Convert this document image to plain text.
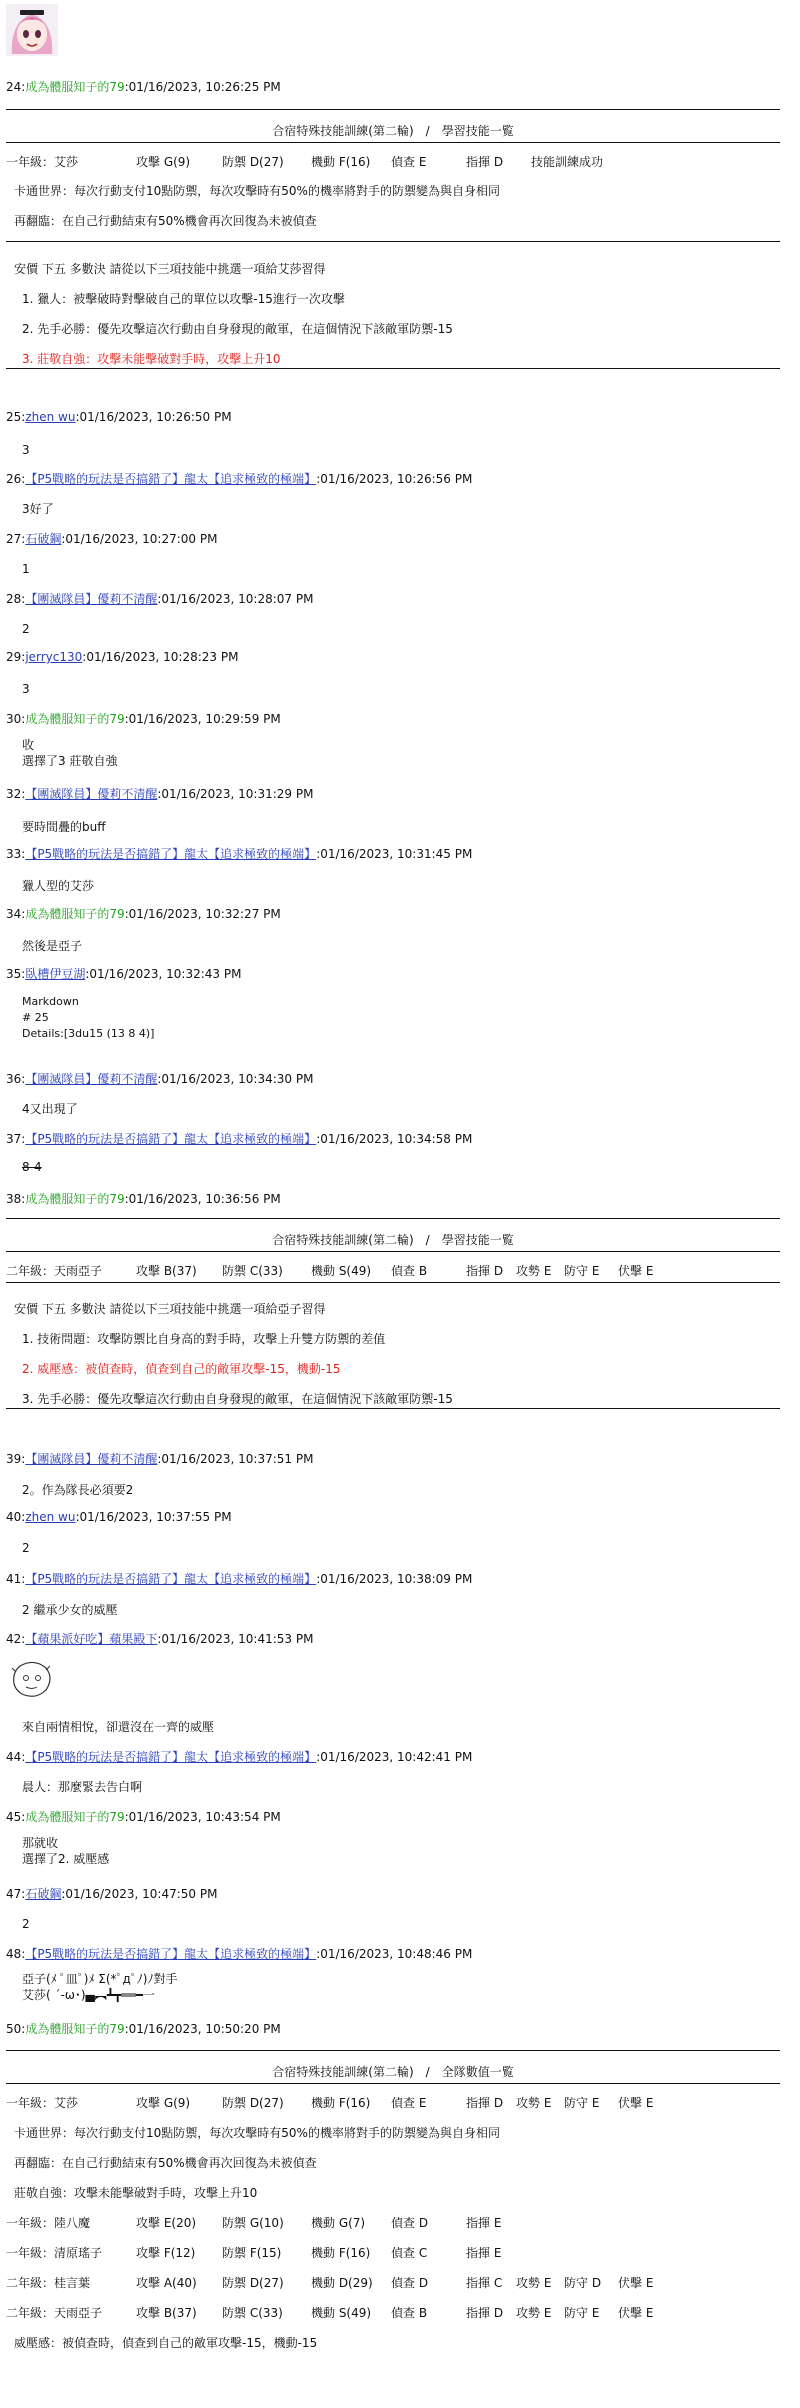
24:成為體服知子的79:01/16/2023, 10:26:25 PM
合宿特殊技能訓練(第二輪)　/　學習技能一覧
一年級：艾莎	攻擊 G(9)	防禦 D(27) 機動 F(16) 偵查 E	指揮 D 技能訓練成功
卡通世界：每次行動支付10點防禦，每次攻擊時有50%的機率將對手的防禦變為與自身相同
再翻臨：在自己行動結束有50%機會再次回復為未被偵查
安價 下五 多數決 請從以下三項技能中挑選一項給艾莎習得
1. 獵人：被擊破時對擊破自己的單位以攻擊-15進行一次攻擊
2. 先手必勝：優先攻擊這次行動由自身發現的敵軍，在這個情況下該敵軍防禦-15
3. 莊敬自強：攻擊未能擊破對手時，攻擊上升10
25:zhen wu:01/16/2023, 10:26:50 PM
3
26:【P5戰略的玩法是否搞錯了】龍太【追求極致的極端】:01/16/2023, 10:26:56 PM
3好了
27:石破鋼:01/16/2023, 10:27:00 PM
1
28:【團滅隊員】優莉不清醒:01/16/2023, 10:28:07 PM
2
29:jerryc130:01/16/2023, 10:28:23 PM
3
30:成為體服知子的79:01/16/2023, 10:29:59 PM
收
選擇了3 莊敬自強
32:【團滅隊員】優莉不清醒:01/16/2023, 10:31:29 PM
要時間疊的buff
33:【P5戰略的玩法是否搞錯了】龍太【追求極致的極端】:01/16/2023, 10:31:45 PM
獵人型的艾莎
34:成為體服知子的79:01/16/2023, 10:32:27 PM
然後是亞子
35:臥槽伊豆湖:01/16/2023, 10:32:43 PM
Markdown
# 25
Details:[3du15 (13 8 4)]
36:【團滅隊員】優莉不清醒:01/16/2023, 10:34:30 PM
4又出現了
37:【P5戰略的玩法是否搞錯了】龍太【追求極致的極端】:01/16/2023, 10:34:58 PM
8-4
38:成為體服知子的79:01/16/2023, 10:36:56 PM
合宿特殊技能訓練(第二輪)　/　學習技能一覧
二年級：天雨亞子	攻擊 B(37) 防禦 C(33) 機動 S(49) 偵查 B	指揮 D 攻勢 E 防守 E 伏擊 E
安價 下五 多數決 請從以下三項技能中挑選一項給亞子習得
1. 技術問題：攻擊防禦比自身高的對手時，攻擊上升雙方防禦的差值
2. 威壓感：被偵查時，偵查到自己的敵軍攻擊-15，機動-15
3. 先手必勝：優先攻擊這次行動由自身發現的敵軍，在這個情況下該敵軍防禦-15
39:【團滅隊員】優莉不清醒:01/16/2023, 10:37:51 PM
2。作為隊長必須要2
40:zhen wu:01/16/2023, 10:37:55 PM
2
41:【P5戰略的玩法是否搞錯了】龍太【追求極致的極端】:01/16/2023, 10:38:09 PM
2 繼承少女的威壓
42:【蘋果派好吃】蘋果殿下:01/16/2023, 10:41:53 PM
來自兩情相悅，卻還沒在一齊的威壓
44:【P5戰略的玩法是否搞錯了】龍太【追求極致的極端】:01/16/2023, 10:42:41 PM
晨人：那麼緊去告白啊
45:成為體服知子的79:01/16/2023, 10:43:54 PM
那就收
選擇了2. 威壓感
47:石破鋼:01/16/2023, 10:47:50 PM
2
48:【P5戰略的玩法是否搞錯了】龍太【追求極致的極端】:01/16/2023, 10:48:46 PM
亞子(ﾒ ﾟ皿ﾟ)ﾒ Σ(*ﾟдﾟﾉ)ﾉ對手
艾莎( ´-ω･)▄︻┻┳══━一
50:成為體服知子的79:01/16/2023, 10:50:20 PM
合宿特殊技能訓練(第二輪)　/　全隊數值一覧
一年級：艾莎	攻擊 G(9)	防禦 D(27) 機動 F(16) 偵查 E	指揮 D 攻勢 E 防守 E 伏擊 E
卡通世界：每次行動支付10點防禦，每次攻擊時有50%的機率將對手的防禦變為與自身相同
再翻臨：在自己行動結束有50%機會再次回復為未被偵查
莊敬自強：攻擊未能擊破對手時，攻擊上升10
一年級：陸八魔	攻擊 E(20) 防禦 G(10) 機動 G(7) 偵查 D	指揮 E
一年級：清原瑤子	攻擊 F(12) 防禦 F(15) 機動 F(16) 偵查 C	指揮 E
二年級：桂言葉	攻擊 A(40) 防禦 D(27) 機動 D(29) 偵查 D	指揮 C 攻勢 E 防守 D 伏擊 E
二年級：天雨亞子	攻擊 B(37) 防禦 C(33) 機動 S(49) 偵查 B	指揮 D 攻勢 E 防守 E 伏擊 E
威壓感：被偵查時，偵查到自己的敵軍攻擊-15，機動-15
